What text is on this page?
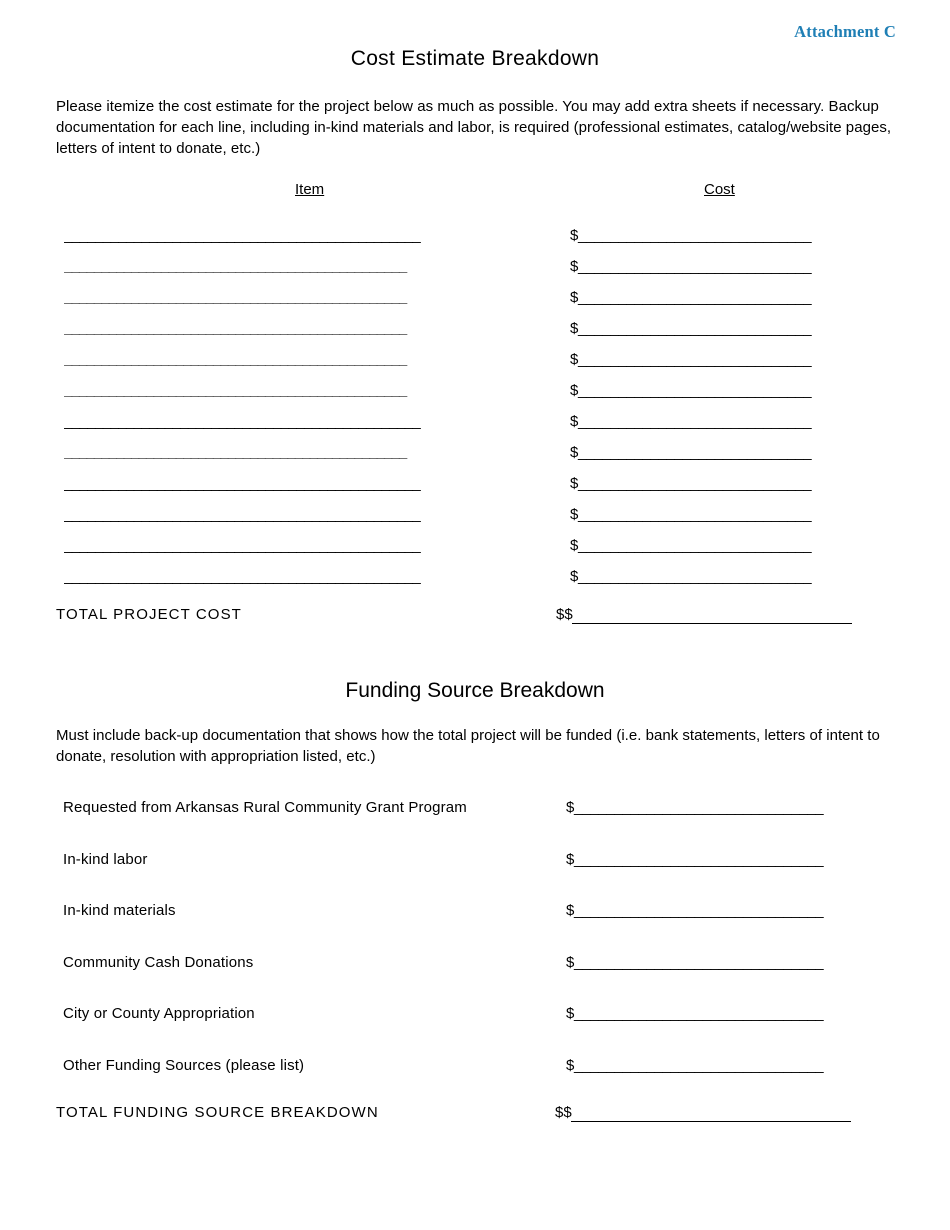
Attachment C
Cost Estimate Breakdown

Please itemize the cost estimate for the project below as much as possible. You may add extra sheets if necessary. Backup documentation for each line, including in-kind materials and labor, is required (professional estimates, catalog/website pages, letters of intent to donate, etc.)

Item	Cost
______________________________________________	$_____________________________
______________________________________________	$_____________________________
______________________________________________	$_____________________________
______________________________________________	$_____________________________
______________________________________________	$_____________________________
______________________________________________	$_____________________________
______________________________________________	$_____________________________
______________________________________________	$_____________________________
______________________________________________	$_____________________________
______________________________________________	$_____________________________
______________________________________________	$_____________________________
______________________________________________	$_____________________________
TOTAL PROJECT COST	$$
Funding Source Breakdown

Must include back-up documentation that shows how the total project will be funded (i.e. bank statements, letters of intent to donate, resolution with appropriation listed, etc.)

Requested from Arkansas Rural Community Grant Program	$_______________________________
In-kind labor	$_______________________________
In-kind materials	$_______________________________
Community Cash Donations	$_______________________________
City or County Appropriation	$_______________________________
Other Funding Sources (please list)	$_______________________________
TOTAL FUNDING SOURCE BREAKDOWN	$$
